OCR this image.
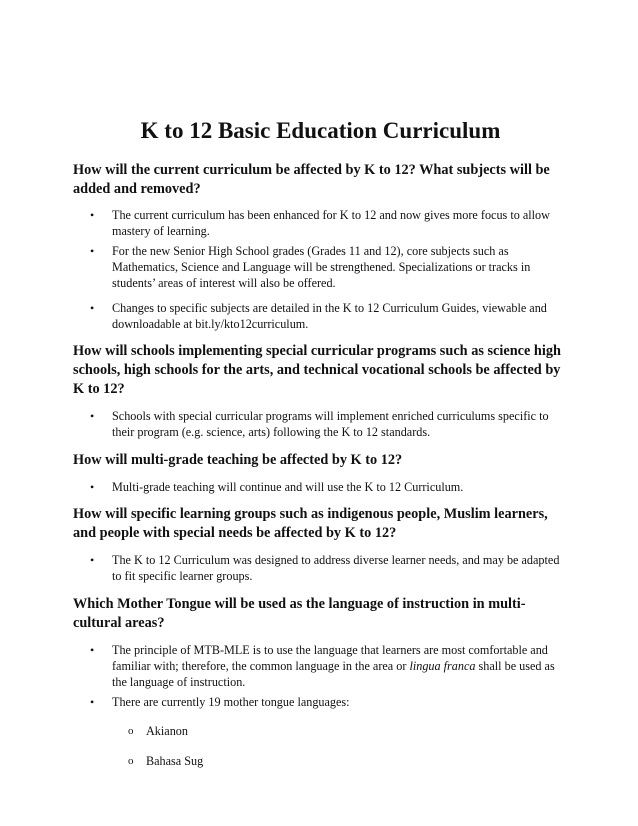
K to 12 Basic Education Curriculum

How will the current curriculum be affected by K to 12? What subjects will be added and removed?

• The current curriculum has been enhanced for K to 12 and now gives more focus to allow mastery of learning.
• For the new Senior High School grades (Grades 11 and 12), core subjects such as Mathematics, Science and Language will be strengthened. Specializations or tracks in students’ areas of interest will also be offered.
• Changes to specific subjects are detailed in the K to 12 Curriculum Guides, viewable and downloadable at bit.ly/kto12curriculum.

How will schools implementing special curricular programs such as science high schools, high schools for the arts, and technical vocational schools be affected by K to 12?

• Schools with special curricular programs will implement enriched curriculums specific to their program (e.g. science, arts) following the K to 12 standards.

How will multi-grade teaching be affected by K to 12?

• Multi-grade teaching will continue and will use the K to 12 Curriculum.

How will specific learning groups such as indigenous people, Muslim learners, and people with special needs be affected by K to 12?

• The K to 12 Curriculum was designed to address diverse learner needs, and may be adapted to fit specific learner groups.

Which Mother Tongue will be used as the language of instruction in multi-cultural areas?

• The principle of MTB-MLE is to use the language that learners are most comfortable and familiar with; therefore, the common language in the area or lingua franca shall be used as the language of instruction.
• There are currently 19 mother tongue languages:
o Akianon
o Bahasa Sug
